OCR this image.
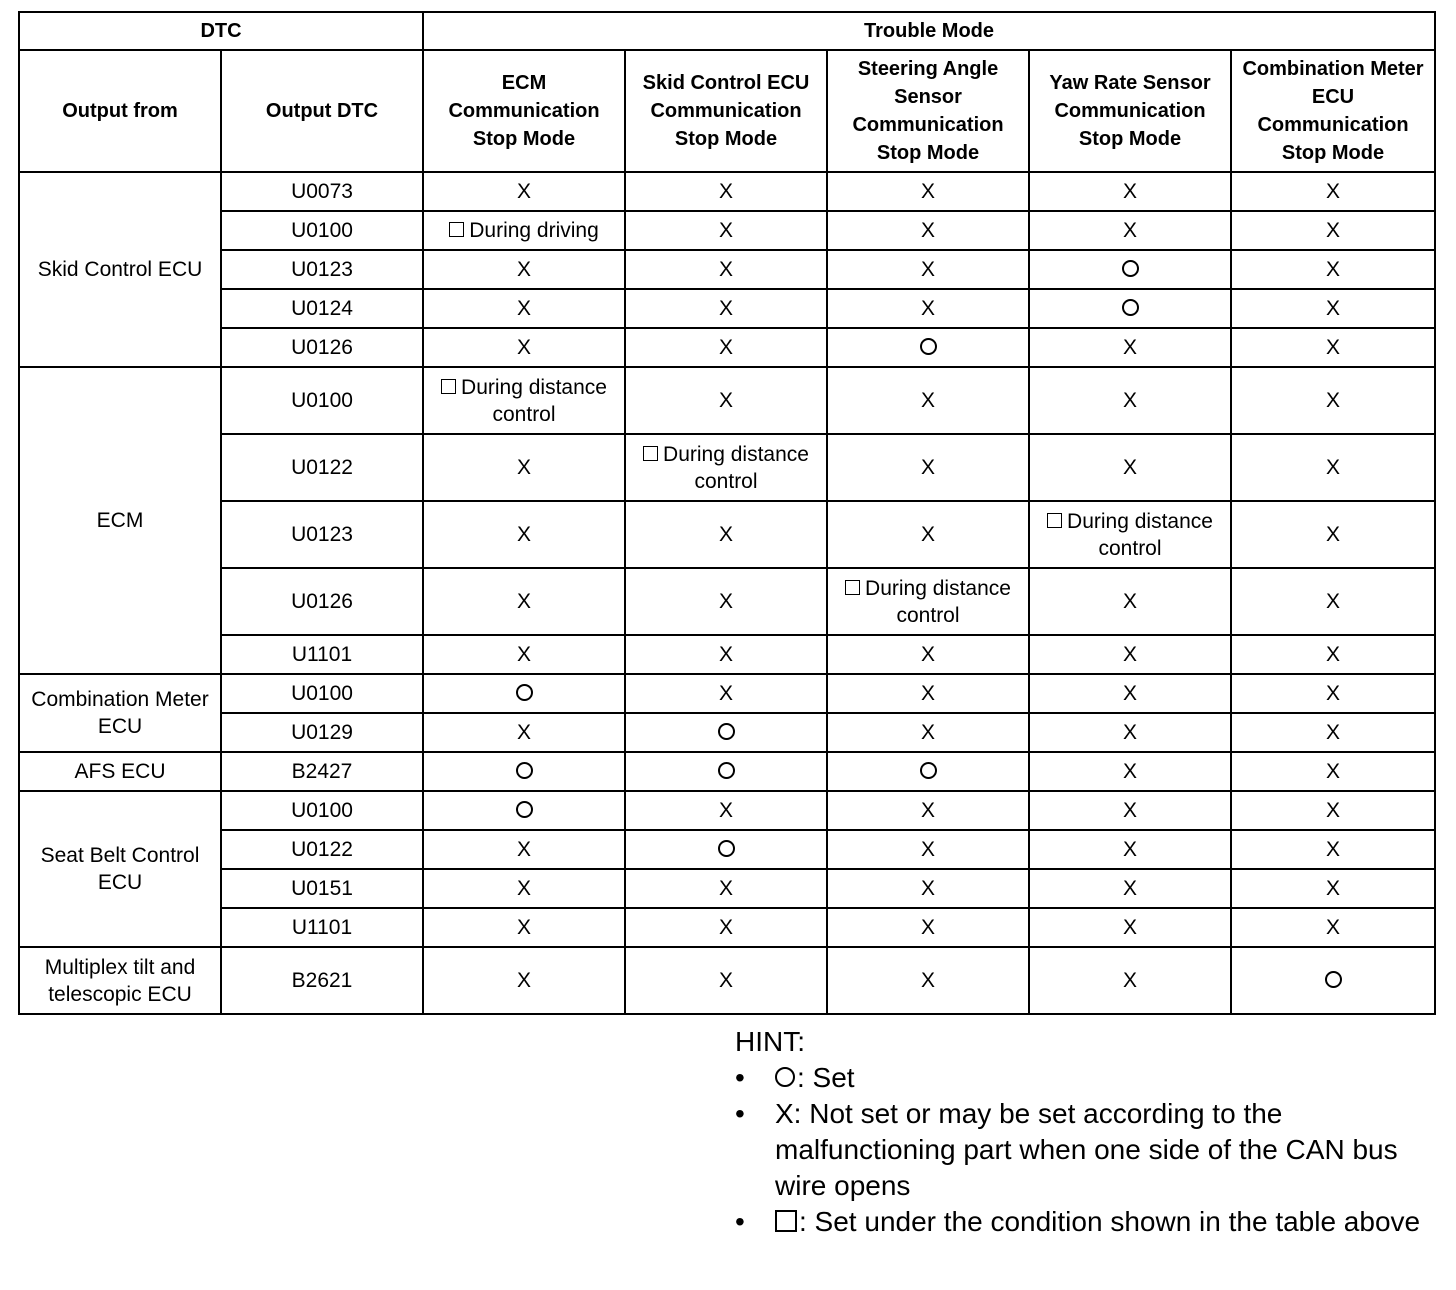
DTC		Trouble Mode				
Output from	Output DTC	ECM Communication Stop Mode	Skid Control ECU Communication Stop Mode	Steering Angle Sensor Communication Stop Mode	Yaw Rate Sensor Communication Stop Mode	Combination Meter ECU Communication Stop Mode
Skid Control ECU	U0073	X	X	X	X	X
	U0100	During driving	X	X	X	X
	U0123	X	X	X		X
	U0124	X	X	X		X
	U0126	X	X		X	X
ECM	U0100	During distance control	X	X	X	X
	U0122	X	During distance control	X	X	X
	U0123	X	X	X	During distance control	X
	U0126	X	X	During distance control	X	X
	U1101	X	X	X	X	X
Combination Meter ECU	U0100		X	X	X	X
	U0129	X		X	X	X
AFS ECU	B2427				X	X
Seat Belt Control ECU	U0100		X	X	X	X
	U0122	X		X	X	X
	U0151	X	X	X	X	X
	U1101	X	X	X	X	X
Multiplex tilt and telescopic ECU	B2621	X	X	X	X	
HINT:
• : Set
• X: Not set or may be set according to the malfunctioning part when one side of the CAN bus wire opens
• : Set under the condition shown in the table above
